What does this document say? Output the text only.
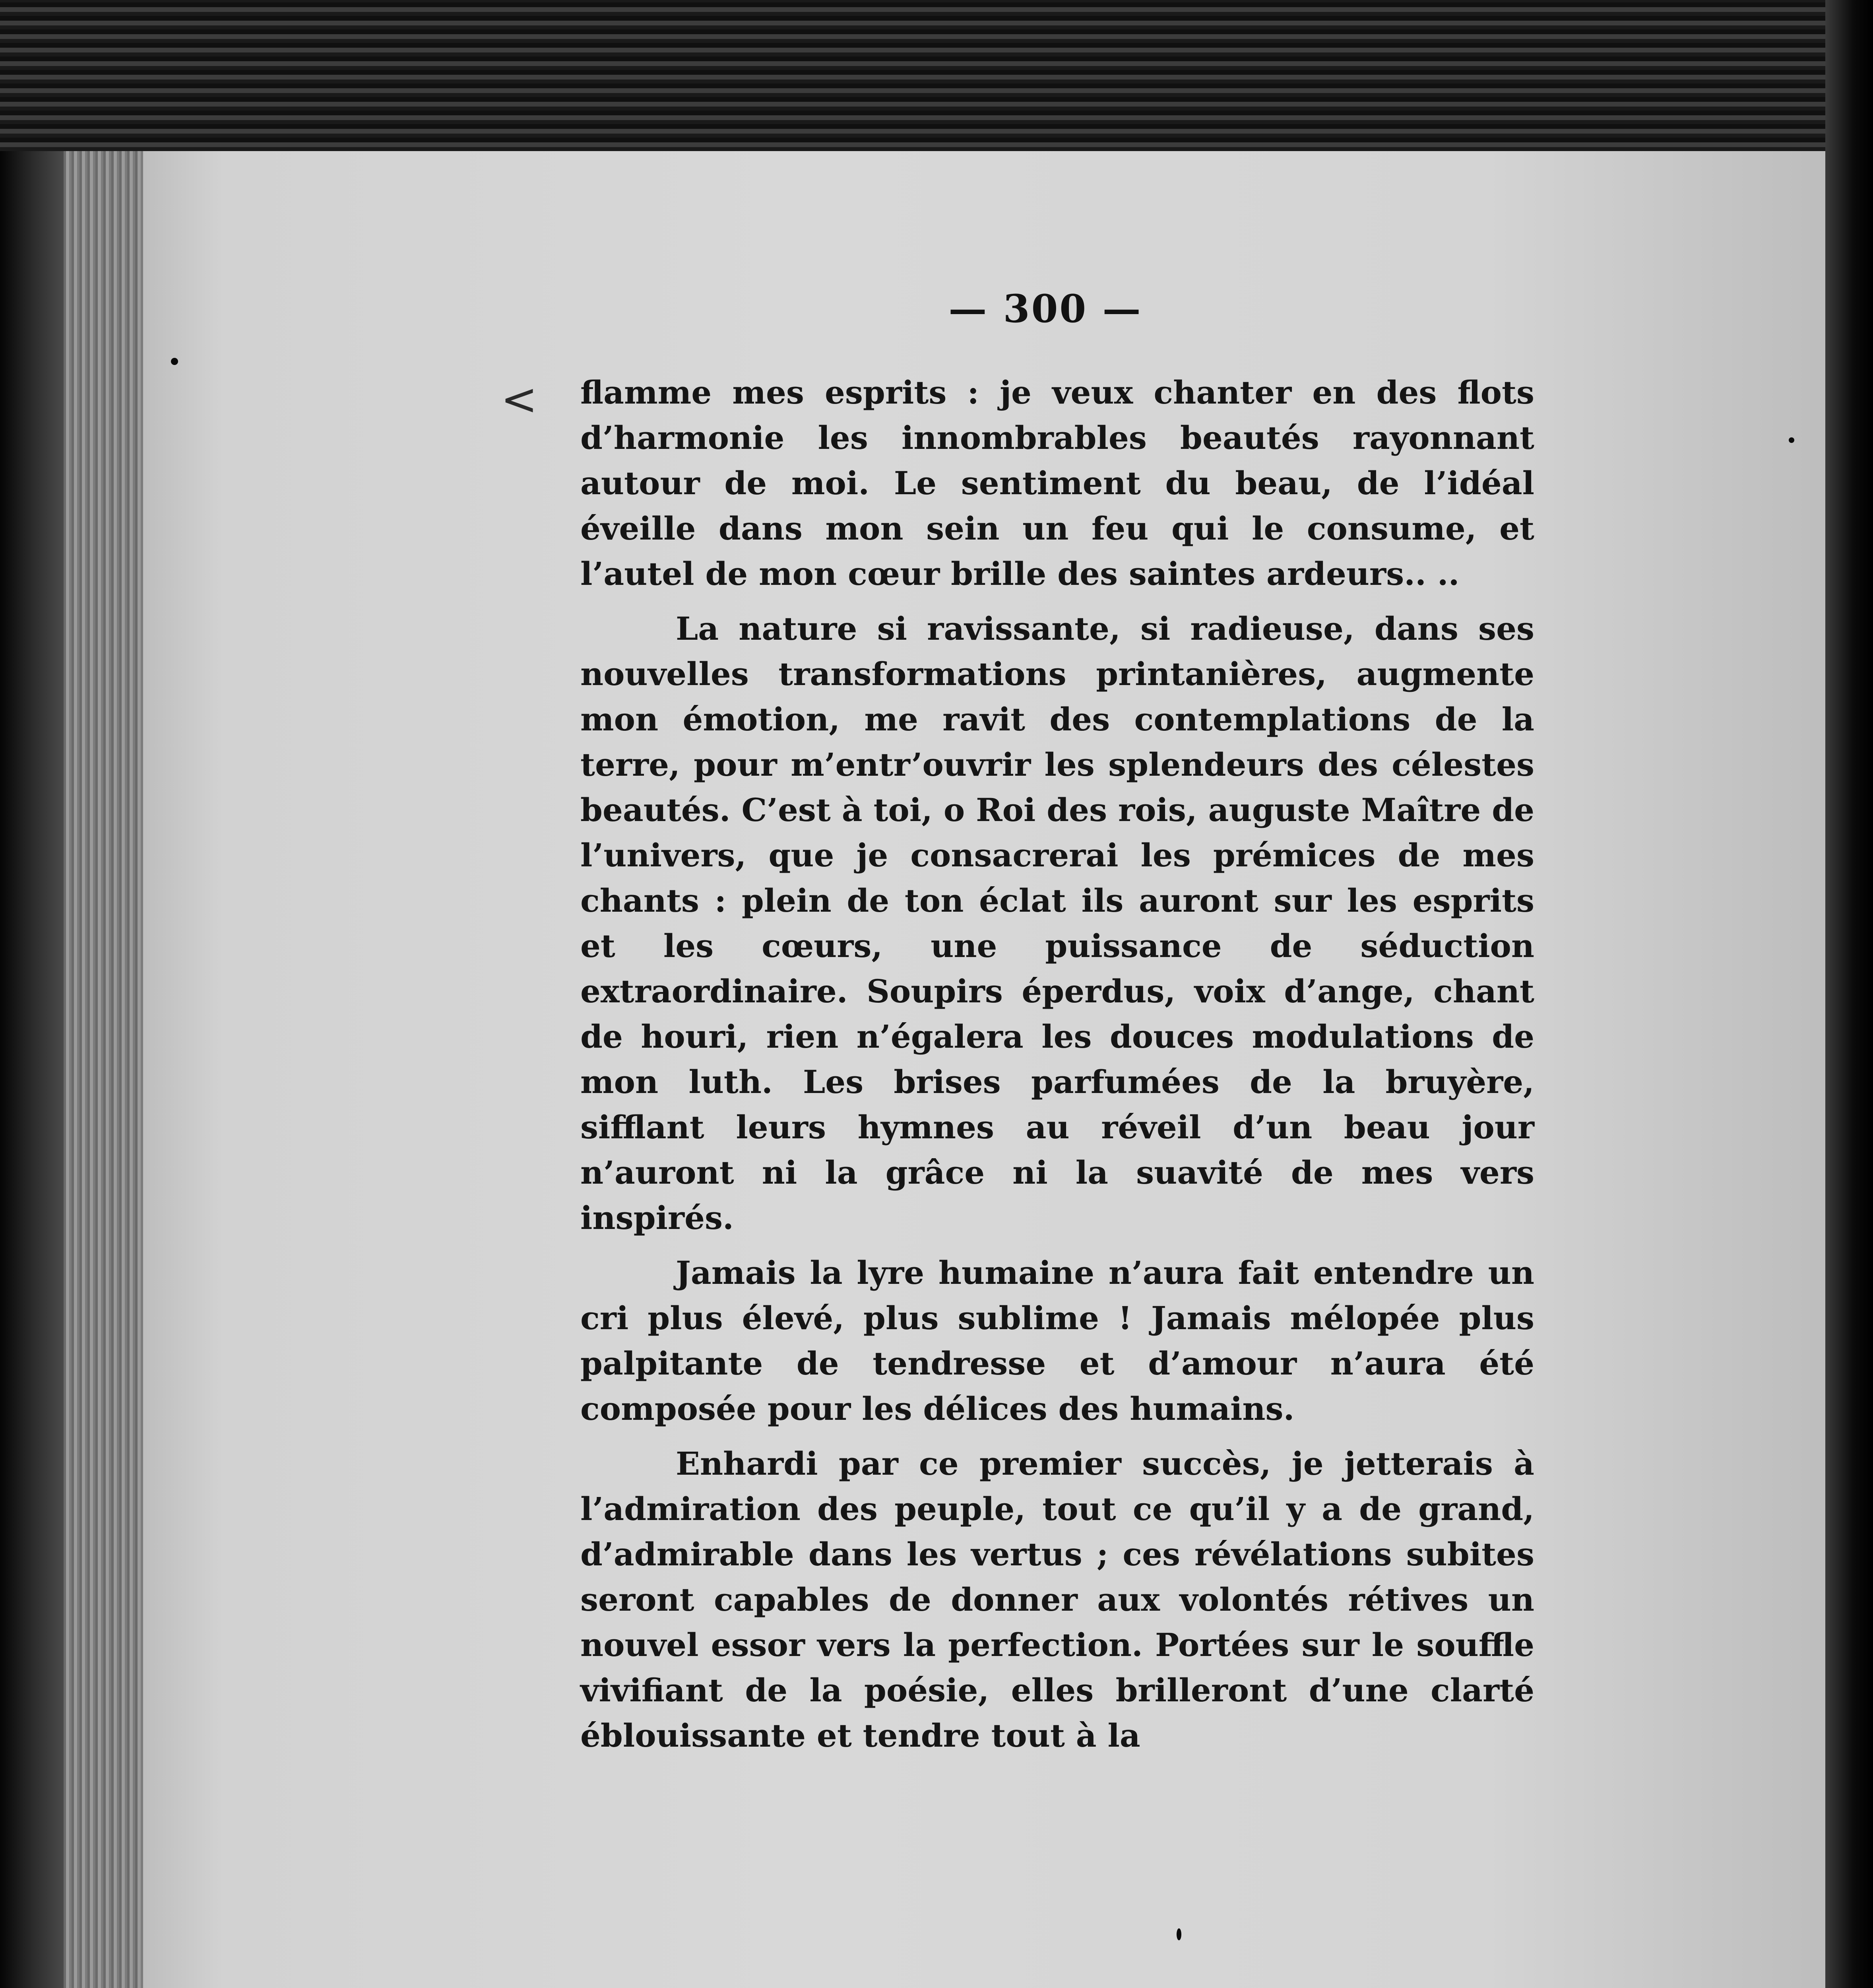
— 300 —
< flamme mes esprits : je veux chanter en des flots d’harmonie les innombrables beautés rayonnant autour de moi. Le sentiment du beau, de l’idéal éveille dans mon sein un feu qui le consume, et l’autel de mon cœur brille des saintes ardeurs.. ..

La nature si ravissante, si radieuse, dans ses nouvelles transformations printanières, augmente mon émotion, me ravit des contemplations de la terre, pour m’entr’ouvrir les splendeurs des célestes beautés. C’est à toi, o Roi des rois, auguste Maître de l’univers, que je consacrerai les prémices de mes chants : plein de ton éclat ils auront sur les esprits et les cœurs, une puissance de séduction extraordinaire. Soupirs éperdus, voix d’ange, chant de houri, rien n’égalera les douces modulations de mon luth. Les brises parfumées de la bruyère, sifflant leurs hymnes au réveil d’un beau jour n’auront ni la grâce ni la suavité de mes vers inspirés.

Jamais la lyre humaine n’aura fait entendre un cri plus élevé, plus sublime ! Jamais mélopée plus palpitante de tendresse et d’amour n’aura été composée pour les délices des humains.

Enhardi par ce premier succès, je jetterais à l’admiration des peuple, tout ce qu’il y a de grand, d’admirable dans les vertus ; ces révélations subites seront capables de donner aux volontés rétives un nouvel essor vers la perfection. Portées sur le souffle vivifiant de la poésie, elles brilleront d’une clarté éblouissante et tendre tout à la
